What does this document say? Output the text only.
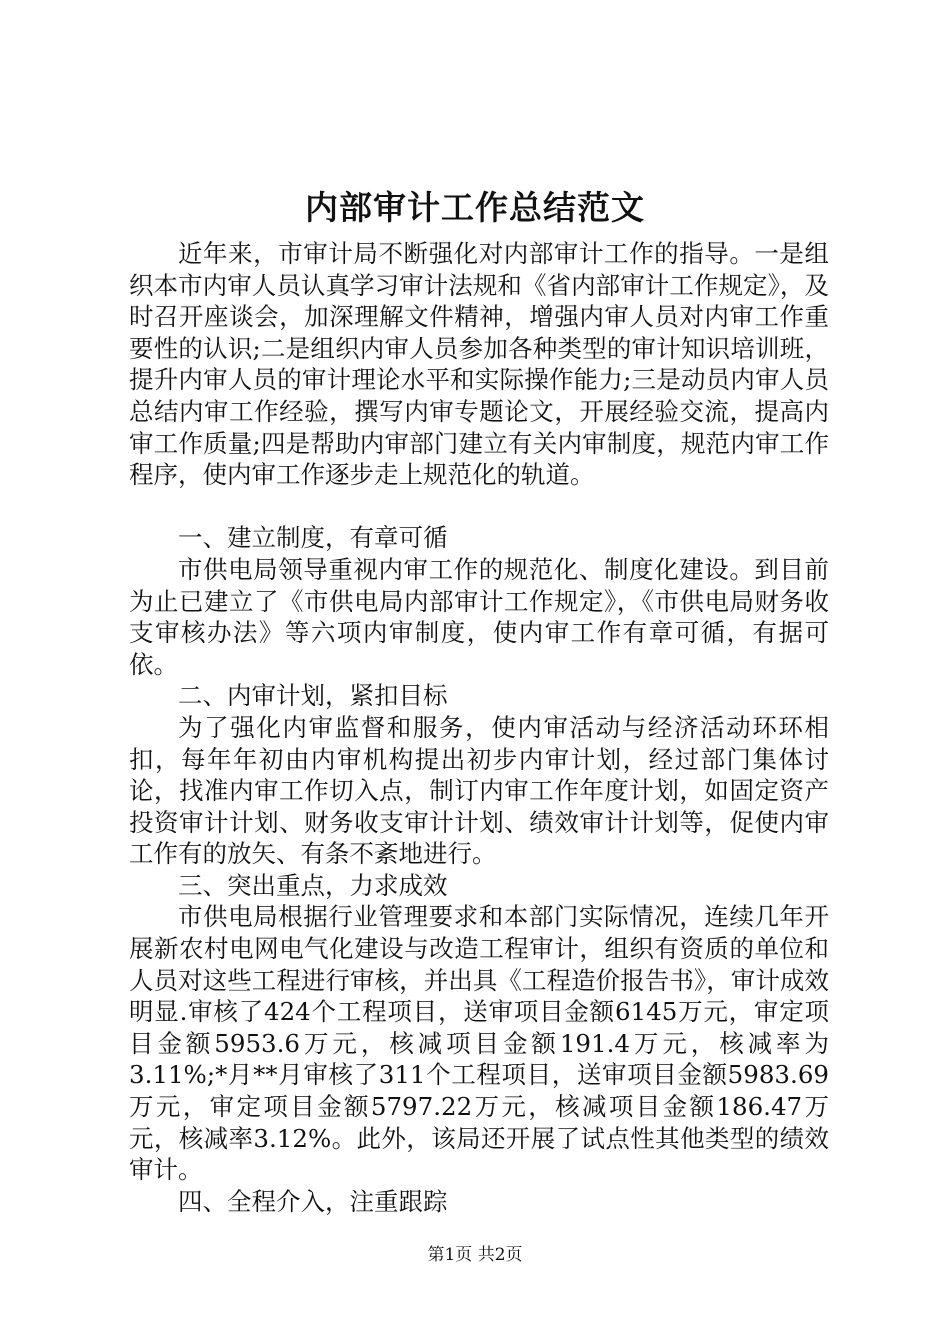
内部审计工作总结范文

近年来，市审计局不断强化对内部审计工作的指导。一是组织本市内审人员认真学习审计法规和《省内部审计工作规定》，及时召开座谈会，加深理解文件精神，增强内审人员对内审工作重要性的认识;二是组织内审人员参加各种类型的审计知识培训班，提升内审人员的审计理论水平和实际操作能力;三是动员内审人员总结内审工作经验，撰写内审专题论文，开展经验交流，提高内审工作质量;四是帮助内审部门建立有关内审制度，规范内审工作程序，使内审工作逐步走上规范化的轨道。

一、建立制度，有章可循

市供电局领导重视内审工作的规范化、制度化建设。到目前为止已建立了《市供电局内部审计工作规定》，《市供电局财务收支审核办法》等六项内审制度，使内审工作有章可循，有据可依。

二、内审计划，紧扣目标

为了强化内审监督和服务，使内审活动与经济活动环环相扣，每年年初由内审机构提出初步内审计划，经过部门集体讨论，找准内审工作切入点，制订内审工作年度计划，如固定资产投资审计计划、财务收支审计计划、绩效审计计划等，促使内审工作有的放矢、有条不紊地进行。

三、突出重点，力求成效

市供电局根据行业管理要求和本部门实际情况，连续几年开展新农村电网电气化建设与改造工程审计，组织有资质的单位和人员对这些工程进行审核，并出具《工程造价报告书》，审计成效明显.审核了424个工程项目，送审项目金额6145万元，审定项目金额5953.6万元，核减项目金额191.4万元，核减率为3.11%;*月**月审核了311个工程项目，送审项目金额5983.69万元，审定项目金额5797.22万元，核减项目金额186.47万元，核减率3.12%。此外，该局还开展了试点性其他类型的绩效审计。

四、全程介入，注重跟踪

第1页 共2页
